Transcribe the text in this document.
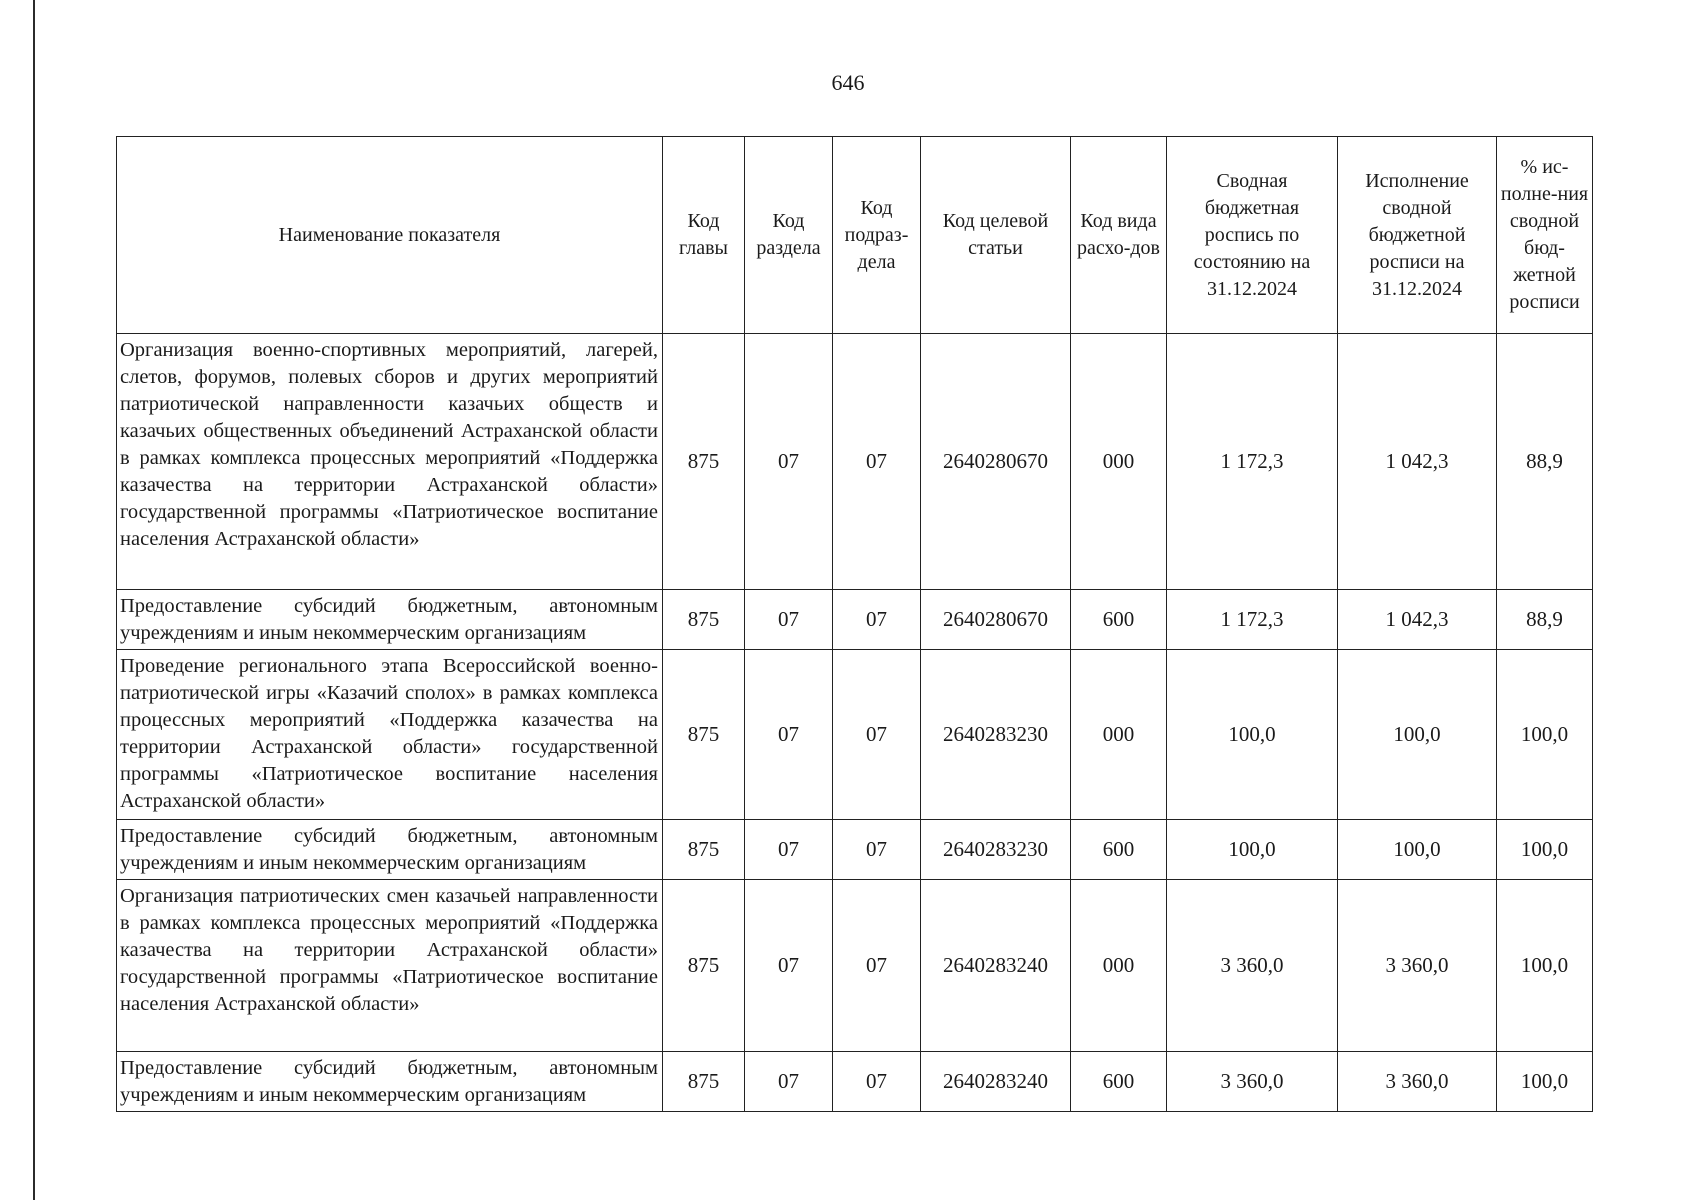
646
Наименование показателя	Код главы	Код раздела	Код подраз-дела	Код целевой статьи	Код вида расхо-дов	Сводная бюджетная роспись по состоянию на 31.12.2024	Исполнение сводной бюджетной росписи на 31.12.2024	% ис-полне-ния сводной бюд-жетной росписи
Организация военно-спортивных мероприятий, лагерей, слетов, форумов, полевых сборов и других мероприятий патриотической направленности казачьих обществ и казачьих общественных объединений Астраханской области в рамках комплекса процессных мероприятий «Поддержка казачества на территории Астраханской области» государственной программы «Патриотическое воспитание населения Астраханской области»	875	07	07	2640280670	000	1 172,3	1 042,3	88,9
Предоставление субсидий бюджетным, автономным учреждениям и иным некоммерческим организациям	875	07	07	2640280670	600	1 172,3	1 042,3	88,9
Проведение регионального этапа Всероссийской военно-патриотической игры «Казачий сполох» в рамках комплекса процессных мероприятий «Поддержка казачества на территории Астраханской области» государственной программы «Патриотическое воспитание населения Астраханской области»	875	07	07	2640283230	000	100,0	100,0	100,0
Предоставление субсидий бюджетным, автономным учреждениям и иным некоммерческим организациям	875	07	07	2640283230	600	100,0	100,0	100,0
Организация патриотических смен казачьей направленности в рамках комплекса процессных мероприятий «Поддержка казачества на территории Астраханской области» государственной программы «Патриотическое воспитание населения Астраханской области»	875	07	07	2640283240	000	3 360,0	3 360,0	100,0
Предоставление субсидий бюджетным, автономным учреждениям и иным некоммерческим организациям	875	07	07	2640283240	600	3 360,0	3 360,0	100,0
